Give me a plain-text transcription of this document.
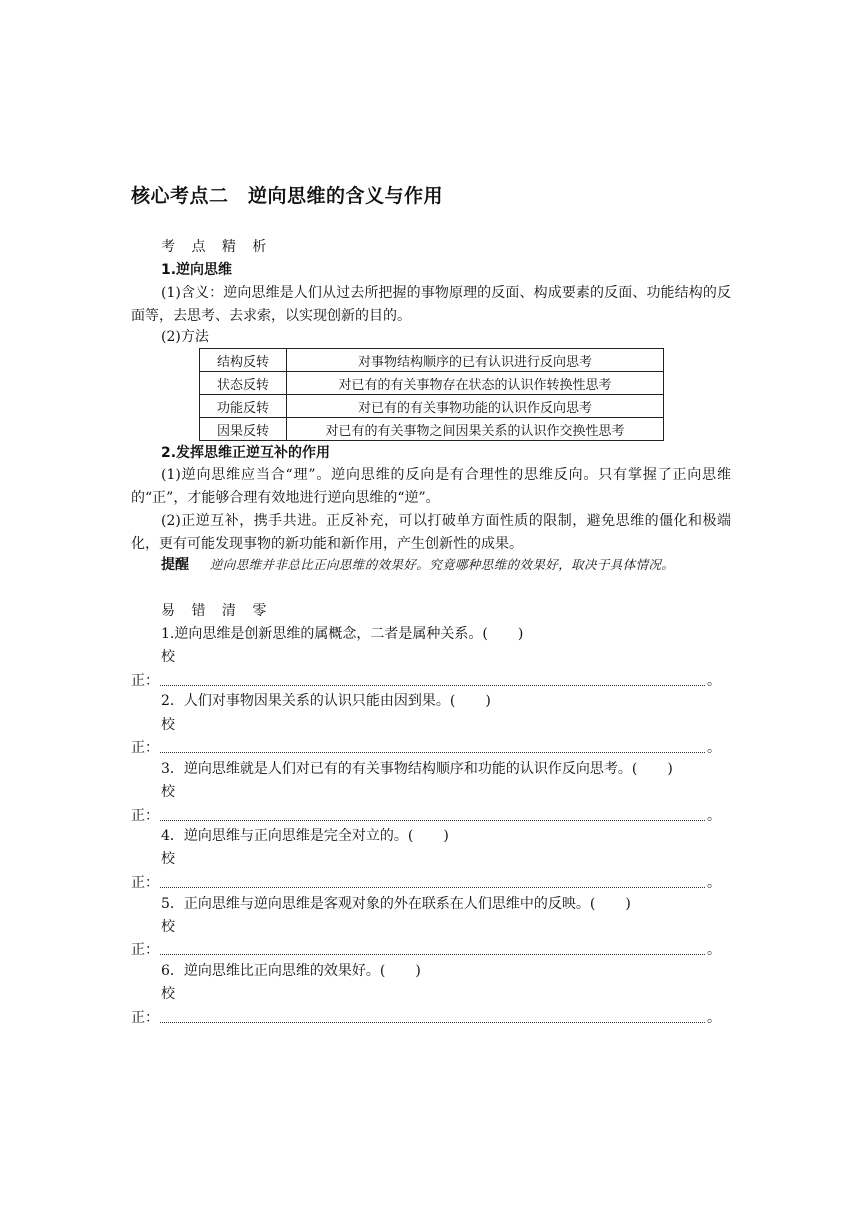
核心考点二　逆向思维的含义与作用
考 点 精 析
1.逆向思维

(1)含义：逆向思维是人们从过去所把握的事物原理的反面、构成要素的反面、功能结构的反面等，去思考、去求索，以实现创新的目的。

(2)方法
结构反转	对事物结构顺序的已有认识进行反向思考
状态反转	对已有的有关事物存在状态的认识作转换性思考
功能反转	对已有的有关事物功能的认识作反向思考
因果反转	对已有的有关事物之间因果关系的认识作交换性思考
2.发挥思维正逆互补的作用

(1)逆向思维应当合“理”。逆向思维的反向是有合理性的思维反向。只有掌握了正向思维的“正”，才能够合理有效地进行逆向思维的“逆”。

(2)正逆互补，携手共进。正反补充，可以打破单方面性质的限制，避免思维的僵化和极端化，更有可能发现事物的新功能和新作用，产生创新性的成果。

提醒 逆向思维并非总比正向思维的效果好。究竟哪种思维的效果好，取决于具体情况。
易 错 清 零
1.逆向思维是创新思维的属概念，二者是属种关系。( )
校
正：	。
2．人们对事物因果关系的认识只能由因到果。( )
校
正：	。
3．逆向思维就是人们对已有的有关事物结构顺序和功能的认识作反向思考。( )
校
正：	。
4．逆向思维与正向思维是完全对立的。( )
校
正：	。
5．正向思维与逆向思维是客观对象的外在联系在人们思维中的反映。( )
校
正：	。
6．逆向思维比正向思维的效果好。( )
校
正：	。
